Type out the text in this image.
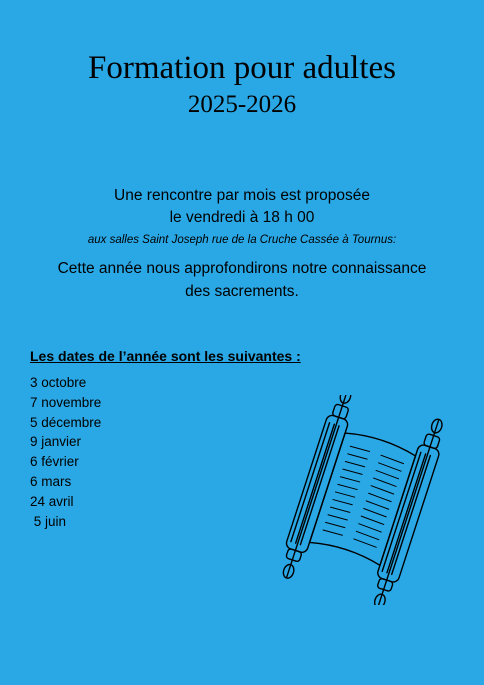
Formation pour adultes
2025-2026
Une rencontre par mois est proposée
le vendredi à 18 h 00
aux salles Saint Joseph rue de la Cruche Cassée à Tournus:
Cette année nous approfondirons notre connaissance
des sacrements.
Les dates de l’année sont les suivantes :
3 octobre
7 novembre
5 décembre
9 janvier
6 février
6 mars
24 avril
5 juin
